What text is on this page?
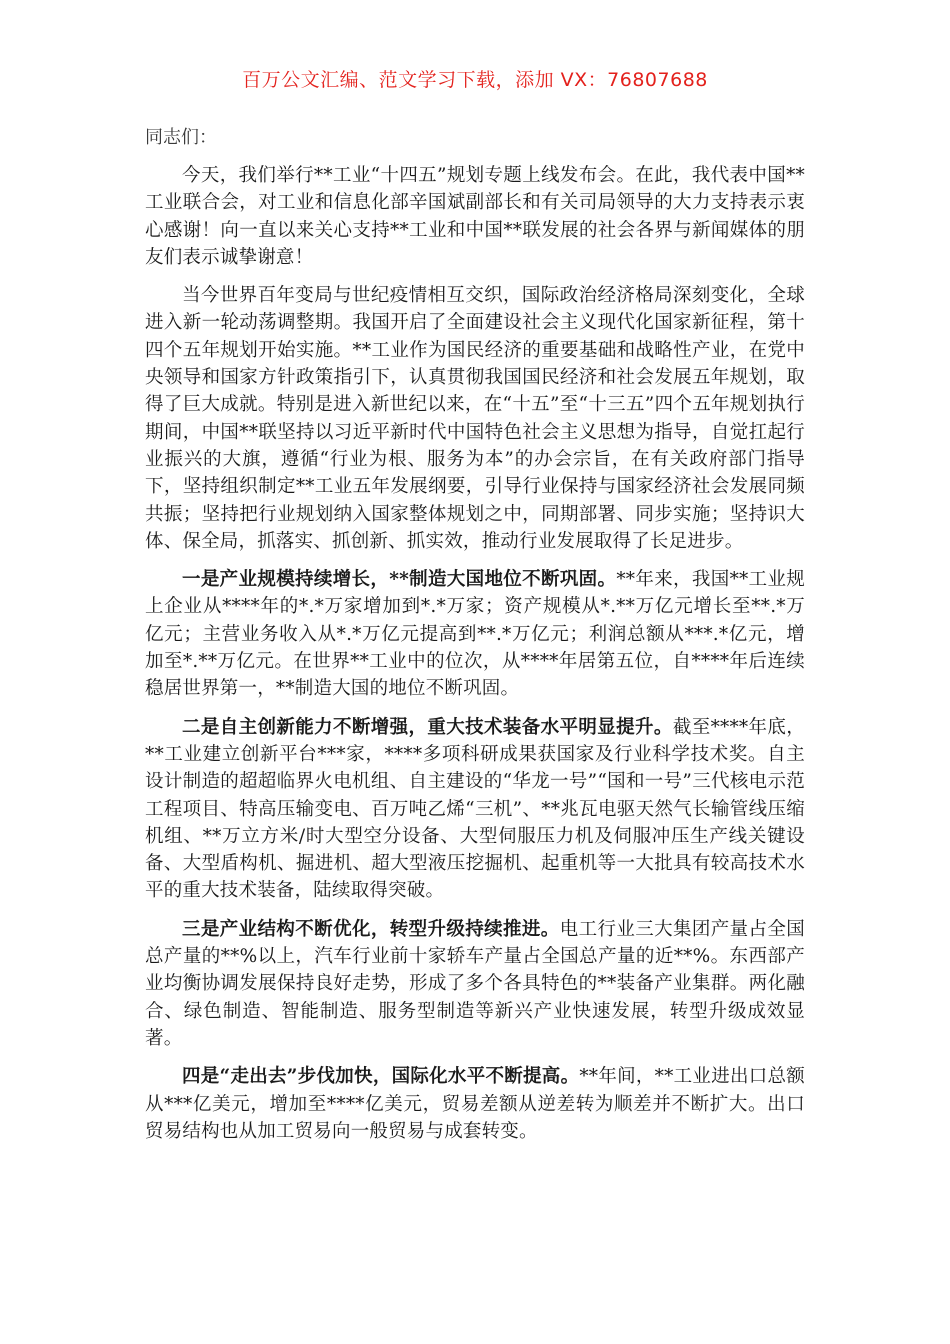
百万公文汇编、范文学习下载，添加 VX：76807688

同志们：

今天，我们举行**工业“十四五”规划专题上线发布会。在此，我代表中国**工业联合会，对工业和信息化部辛国斌副部长和有关司局领导的大力支持表示衷心感谢！向一直以来关心支持**工业和中国**联发展的社会各界与新闻媒体的朋友们表示诚挚谢意！

当今世界百年变局与世纪疫情相互交织，国际政治经济格局深刻变化，全球进入新一轮动荡调整期。我国开启了全面建设社会主义现代化国家新征程，第十四个五年规划开始实施。**工业作为国民经济的重要基础和战略性产业，在党中央领导和国家方针政策指引下，认真贯彻我国国民经济和社会发展五年规划，取得了巨大成就。特别是进入新世纪以来，在“十五”至“十三五”四个五年规划执行期间，中国**联坚持以习近平新时代中国特色社会主义思想为指导，自觉扛起行业振兴的大旗，遵循“行业为根、服务为本”的办会宗旨，在有关政府部门指导下，坚持组织制定**工业五年发展纲要，引导行业保持与国家经济社会发展同频共振；坚持把行业规划纳入国家整体规划之中，同期部署、同步实施；坚持识大体、保全局，抓落实、抓创新、抓实效，推动行业发展取得了长足进步。

一是产业规模持续增长，**制造大国地位不断巩固。**年来，我国**工业规上企业从****年的*.*万家增加到*.*万家；资产规模从*.**万亿元增长至**.*万亿元；主营业务收入从*.*万亿元提高到**.*万亿元；利润总额从***.*亿元，增加至*.**万亿元。在世界**工业中的位次，从****年居第五位，自****年后连续稳居世界第一，**制造大国的地位不断巩固。

二是自主创新能力不断增强，重大技术装备水平明显提升。截至****年底，**工业建立创新平台***家，****多项科研成果获国家及行业科学技术奖。自主设计制造的超超临界火电机组、自主建设的“华龙一号”“国和一号”三代核电示范工程项目、特高压输变电、百万吨乙烯“三机”、**兆瓦电驱天然气长输管线压缩机组、**万立方米/时大型空分设备、大型伺服压力机及伺服冲压生产线关键设备、大型盾构机、掘进机、超大型液压挖掘机、起重机等一大批具有较高技术水平的重大技术装备，陆续取得突破。

三是产业结构不断优化，转型升级持续推进。电工行业三大集团产量占全国总产量的**%以上，汽车行业前十家轿车产量占全国总产量的近**%。东西部产业均衡协调发展保持良好走势，形成了多个各具特色的**装备产业集群。两化融合、绿色制造、智能制造、服务型制造等新兴产业快速发展，转型升级成效显著。

四是“走出去”步伐加快，国际化水平不断提高。**年间，**工业进出口总额从***亿美元，增加至****亿美元，贸易差额从逆差转为顺差并不断扩大。出口贸易结构也从加工贸易向一般贸易与成套转变。
